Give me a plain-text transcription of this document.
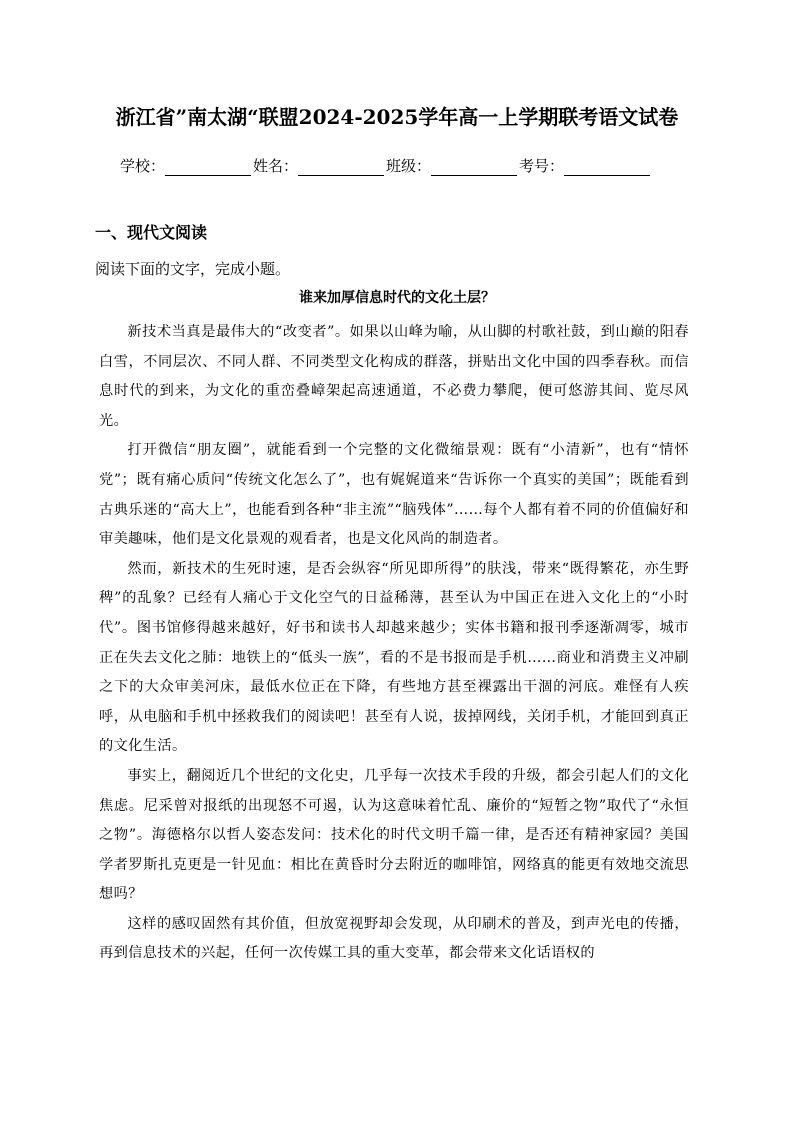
浙江省”南太湖“联盟2024-2025学年高一上学期联考语文试卷
学校：	姓名：	班级：	考号：
一、现代文阅读
阅读下面的文字，完成小题。
谁来加厚信息时代的文化土层？

新技术当真是最伟大的“改变者”。如果以山峰为喻，从山脚的村歌社鼓，到山巅的阳春白雪，不同层次、不同人群、不同类型文化构成的群落，拼贴出文化中国的四季春秋。而信息时代的到来，为文化的重峦叠嶂架起高速通道，不必费力攀爬，便可悠游其间、览尽风光。

打开微信“朋友圈”，就能看到一个完整的文化微缩景观：既有“小清新”，也有“情怀党”；既有痛心质问“传统文化怎么了”，也有娓娓道来“告诉你一个真实的美国”；既能看到古典乐迷的“高大上”，也能看到各种“非主流”“脑残体”……每个人都有着不同的价值偏好和审美趣味，他们是文化景观的观看者，也是文化风尚的制造者。

然而，新技术的生死时速，是否会纵容“所见即所得”的肤浅，带来“既得繁花，亦生野稗”的乱象？已经有人痛心于文化空气的日益稀薄，甚至认为中国正在进入文化上的“小时代”。图书馆修得越来越好，好书和读书人却越来越少；实体书籍和报刊季逐渐凋零，城市正在失去文化之肺：地铁上的“低头一族”，看的不是书报而是手机……商业和消费主义冲刷之下的大众审美河床，最低水位正在下降，有些地方甚至裸露出干涸的河底。难怪有人疾呼，从电脑和手机中拯救我们的阅读吧！甚至有人说，拔掉网线，关闭手机，才能回到真正的文化生活。

事实上，翻阅近几个世纪的文化史，几乎每一次技术手段的升级，都会引起人们的文化焦虑。尼采曾对报纸的出现怒不可遏，认为这意味着忙乱、廉价的“短暂之物”取代了“永恒之物”。海德格尔以哲人姿态发问：技术化的时代文明千篇一律，是否还有精神家园？美国学者罗斯扎克更是一针见血：相比在黄昏时分去附近的咖啡馆，网络真的能更有效地交流思想吗？

这样的感叹固然有其价值，但放宽视野却会发现，从印刷术的普及，到声光电的传播，再到信息技术的兴起，任何一次传媒工具的重大变革，都会带来文化话语权的
